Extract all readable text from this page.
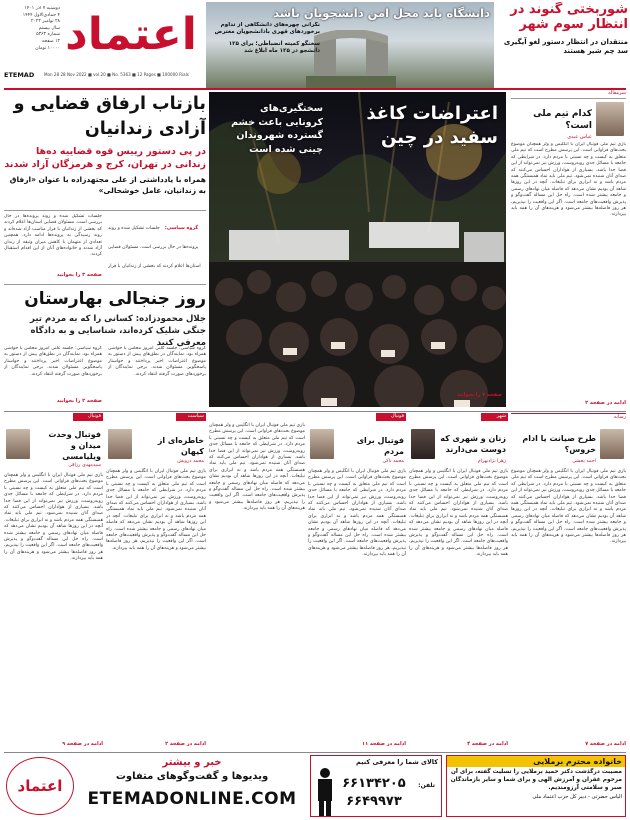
شوربختی گنوند در انتظار سوم شهر
منتقدان در انتظار دستور لغو آیگیری سد چم شیر هستند
دانشگاه باید محل امن دانشجویان باشد
نگرانی چهره‌های دانشگاهی از تداوم برخوردهای قهری بادانشجویان معترض
سخنگو کمیته انضباطی؛ برای ۱۲۵ دانشجو در ۱۲۵ ماه ابلاغ شد
اعتماد
دوشنبه ۷ آذر ۱۴۰۱
۴ جمادی‌الاول ۱۴۴۴
۲۸ نوامبر ۲۰۲۲
سال بیستم
شماره ۵۳۶۳
۱۲ صفحه
۱۰۰۰۰ تومان
ETEMAD	Mon 28 28 Nov 2022 ■ vol.20 ■ No. 5363 ■ 12 Pages ■ 100000 Rials
سرمقاله
کدام تیم ملی است؟
عباس عبدی
بازی تیم ملی فوتبال ایران با انگلیس و ولز همچنان موضوع بحث‌های فراوانی است. این پرسش مطرح است که تیم ملی متعلق به کیست و چه نسبتی با مردم دارد. در شرایطی که جامعه با مسائل جدی روبه‌روست، ورزش نیز نمی‌تواند از این فضا جدا باشد. بسیاری از هواداران احساس می‌کنند که صدای آنان شنیده نمی‌شود. تیم ملی باید نماد همبستگی همه مردم باشد و نه ابزاری برای تبلیغات. آنچه در این روزها شاهد آن بودیم نشان می‌دهد که فاصله میان نهادهای رسمی و جامعه بیشتر شده است. راه حل این مساله گفت‌وگو و پذیرش واقعیت‌های جامعه است. اگر این واقعیت را نپذیریم، هر روز فاصله‌ها بیشتر می‌شود و هزینه‌های آن را همه باید بپردازند.
ادامه در صفحه ۲
اعتراضات کاغذ سفید در چین
سختگیری‌های کرونایی باعث خشم گسترده شهروندان چینی شده است
صفحه ۷ را بخوانید
بازتاب ارفاق قضایی و آزادی زندانیان
در پی دستور رییس قوه قضاییه ده‌ها زندانی در تهران، کرج و هرمزگان آزاد شدند
همراه با یادداشتی از علی مجتهدزاده با عنوان «ارفاق به زندانیان، عامل خوشحالی»
گروه سیاسی: جلسات تشکیل شده و روند پرونده‌ها در حال بررسی است. مسئولان قضایی استان‌ها اعلام کردند که بخشی از زندانیان با قرار
جلسات تشکیل شده و روند پرونده‌ها در حال بررسی است. مسئولان قضایی استان‌ها اعلام کردند که بخشی از زندانیان با قرار مناسب آزاد شده‌اند و روند رسیدگی به پرونده‌ها ادامه دارد. همچنین تعدادی از متهمان با کاهش میزان وثیقه از زندان آزاد شدند و خانواده‌های آنان از این اقدام استقبال کردند.
صفحه ۳ را بخوانید
روز جنجالی بهارستان
جلال محمودزاده: کسانی را که به مردم تیر جنگی شلیک کرده‌اند، شناسایی و به دادگاه معرفی کنید
گروه سیاسی: جلسه علنی امروز مجلس با حواشی همراه بود. نمایندگان در نطق‌های پیش از دستور به موضوع اعتراضات اخیر پرداختند و خواستار پاسخگویی مسئولان شدند. برخی نمایندگان از برخوردهای صورت گرفته انتقاد کردند.
گروه سیاسی: جلسه علنی امروز مجلس با حواشی همراه بود. نمایندگان در نطق‌های پیش از دستور به موضوع اعتراضات اخیر پرداختند و خواستار پاسخگویی مسئولان شدند. برخی نمایندگان از برخوردهای صورت گرفته انتقاد کردند.
صفحه ۲ را بخوانید
رسانه
طرح صیانت یا ادام خروس؟
احمد بخشی
بازی تیم ملی فوتبال ایران با انگلیس و ولز همچنان موضوع بحث‌های فراوانی است. این پرسش مطرح است که تیم ملی متعلق به کیست و چه نسبتی با مردم دارد. در شرایطی که جامعه با مسائل جدی روبه‌روست، ورزش نیز نمی‌تواند از این فضا جدا باشد. بسیاری از هواداران احساس می‌کنند که صدای آنان شنیده نمی‌شود. تیم ملی باید نماد همبستگی همه مردم باشد و نه ابزاری برای تبلیغات. آنچه در این روزها شاهد آن بودیم نشان می‌دهد که فاصله میان نهادهای رسمی و جامعه بیشتر شده است. راه حل این مساله گفت‌وگو و پذیرش واقعیت‌های جامعه است. اگر این واقعیت را نپذیریم، هر روز فاصله‌ها بیشتر می‌شود و هزینه‌های آن را همه باید بپردازند.
ادامه در صفحه ۷
شهر
زنان و شهری که دوست می‌دارند
زهرا نژادبهرام
بازی تیم ملی فوتبال ایران با انگلیس و ولز همچنان موضوع بحث‌های فراوانی است. این پرسش مطرح است که تیم ملی متعلق به کیست و چه نسبتی با مردم دارد. در شرایطی که جامعه با مسائل جدی روبه‌روست، ورزش نیز نمی‌تواند از این فضا جدا باشد. بسیاری از هواداران احساس می‌کنند که صدای آنان شنیده نمی‌شود. تیم ملی باید نماد همبستگی همه مردم باشد و نه ابزاری برای تبلیغات. آنچه در این روزها شاهد آن بودیم نشان می‌دهد که فاصله میان نهادهای رسمی و جامعه بیشتر شده است. راه حل این مساله گفت‌وگو و پذیرش واقعیت‌های جامعه است. اگر این واقعیت را نپذیریم، هر روز فاصله‌ها بیشتر می‌شود و هزینه‌های آن را همه باید بپردازند.
ادامه در صفحه ۴
فوتبال
فوتبال برای مردم
محمد تاکی
بازی تیم ملی فوتبال ایران با انگلیس و ولز همچنان موضوع بحث‌های فراوانی است. این پرسش مطرح است که تیم ملی متعلق به کیست و چه نسبتی با مردم دارد. در شرایطی که جامعه با مسائل جدی روبه‌روست، ورزش نیز نمی‌تواند از این فضا جدا باشد. بسیاری از هواداران احساس می‌کنند که صدای آنان شنیده نمی‌شود. تیم ملی باید نماد همبستگی همه مردم باشد و نه ابزاری برای تبلیغات. آنچه در این روزها شاهد آن بودیم نشان می‌دهد که فاصله میان نهادهای رسمی و جامعه بیشتر شده است. راه حل این مساله گفت‌وگو و پذیرش واقعیت‌های جامعه است. اگر این واقعیت را نپذیریم، هر روز فاصله‌ها بیشتر می‌شود و هزینه‌های آن را همه باید بپردازند.
ادامه در صفحه ۱۱
بازی تیم ملی فوتبال ایران با انگلیس و ولز همچنان موضوع بحث‌های فراوانی است. این پرسش مطرح است که تیم ملی متعلق به کیست و چه نسبتی با مردم دارد. در شرایطی که جامعه با مسائل جدی روبه‌روست، ورزش نیز نمی‌تواند از این فضا جدا باشد. بسیاری از هواداران احساس می‌کنند که صدای آنان شنیده نمی‌شود. تیم ملی باید نماد همبستگی همه مردم باشد و نه ابزاری برای تبلیغات. آنچه در این روزها شاهد آن بودیم نشان می‌دهد که فاصله میان نهادهای رسمی و جامعه بیشتر شده است. راه حل این مساله گفت‌وگو و پذیرش واقعیت‌های جامعه است. اگر این واقعیت را نپذیریم، هر روز فاصله‌ها بیشتر می‌شود و هزینه‌های آن را همه باید بپردازند.
سیاست
خاطره‌ای از کیهان
محمد درویش
بازی تیم ملی فوتبال ایران با انگلیس و ولز همچنان موضوع بحث‌های فراوانی است. این پرسش مطرح است که تیم ملی متعلق به کیست و چه نسبتی با مردم دارد. در شرایطی که جامعه با مسائل جدی روبه‌روست، ورزش نیز نمی‌تواند از این فضا جدا باشد. بسیاری از هواداران احساس می‌کنند که صدای آنان شنیده نمی‌شود. تیم ملی باید نماد همبستگی همه مردم باشد و نه ابزاری برای تبلیغات. آنچه در این روزها شاهد آن بودیم نشان می‌دهد که فاصله میان نهادهای رسمی و جامعه بیشتر شده است. راه حل این مساله گفت‌وگو و پذیرش واقعیت‌های جامعه است. اگر این واقعیت را نپذیریم، هر روز فاصله‌ها بیشتر می‌شود و هزینه‌های آن را همه باید بپردازند.
ادامه در صفحه ۲
فوتبال
فوتبال وحدت میدان و ویلیامسی
سیدمهدی رزاقی
بازی تیم ملی فوتبال ایران با انگلیس و ولز همچنان موضوع بحث‌های فراوانی است. این پرسش مطرح است که تیم ملی متعلق به کیست و چه نسبتی با مردم دارد. در شرایطی که جامعه با مسائل جدی روبه‌روست، ورزش نیز نمی‌تواند از این فضا جدا باشد. بسیاری از هواداران احساس می‌کنند که صدای آنان شنیده نمی‌شود. تیم ملی باید نماد همبستگی همه مردم باشد و نه ابزاری برای تبلیغات. آنچه در این روزها شاهد آن بودیم نشان می‌دهد که فاصله میان نهادهای رسمی و جامعه بیشتر شده است. راه حل این مساله گفت‌وگو و پذیرش واقعیت‌های جامعه است. اگر این واقعیت را نپذیریم، هر روز فاصله‌ها بیشتر می‌شود و هزینه‌های آن را همه باید بپردازند.
ادامه در صفحه ۹
خانواده محترم برملایی
مصیبت درگذشت دکتر حمید برملایی را تسلیت گفته، برای آن مرحوم غفران و آمرزش الهی و برای شما و سایر بازماندگان صبر و سلامتی آرزومندیم.
الیاس حضرتی - دبیر کل حزب اعتماد ملی
کالای شما را معرفی کنیم
تلفن:
۶۶۱۳۴۲۰۵
۶۶۴۹۹۷۳
اعتماد
خبر و بیشتر
ویدیوها و گفت‌وگوهای متفاوت
ETEMADONLINE.COM
